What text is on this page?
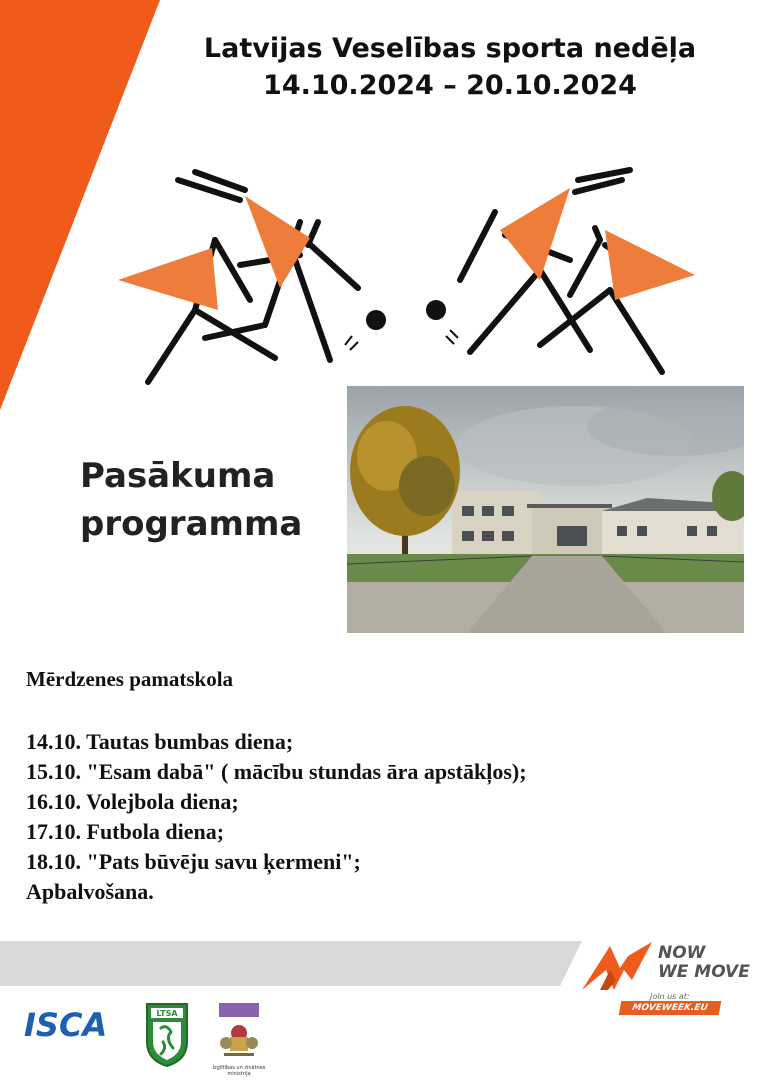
Latvijas Veselības sporta nedēļa
14.10.2024 – 20.10.2024
Pasākuma
programma
Mērdzenes pamatskola
14.10. Tautas bumbas diena;
15.10. "Esam dabā" ( mācību stundas āra apstākļos);
16.10. Volejbola diena;
17.10. Futbola diena;
18.10. "Pats būvēju savu ķermeni";
Apbalvošana.
NOW
WE MOVE
Join us at:
MOVEWEEK.EU
ISCA	LTSA
Izglītības un zinātnes ministrija
